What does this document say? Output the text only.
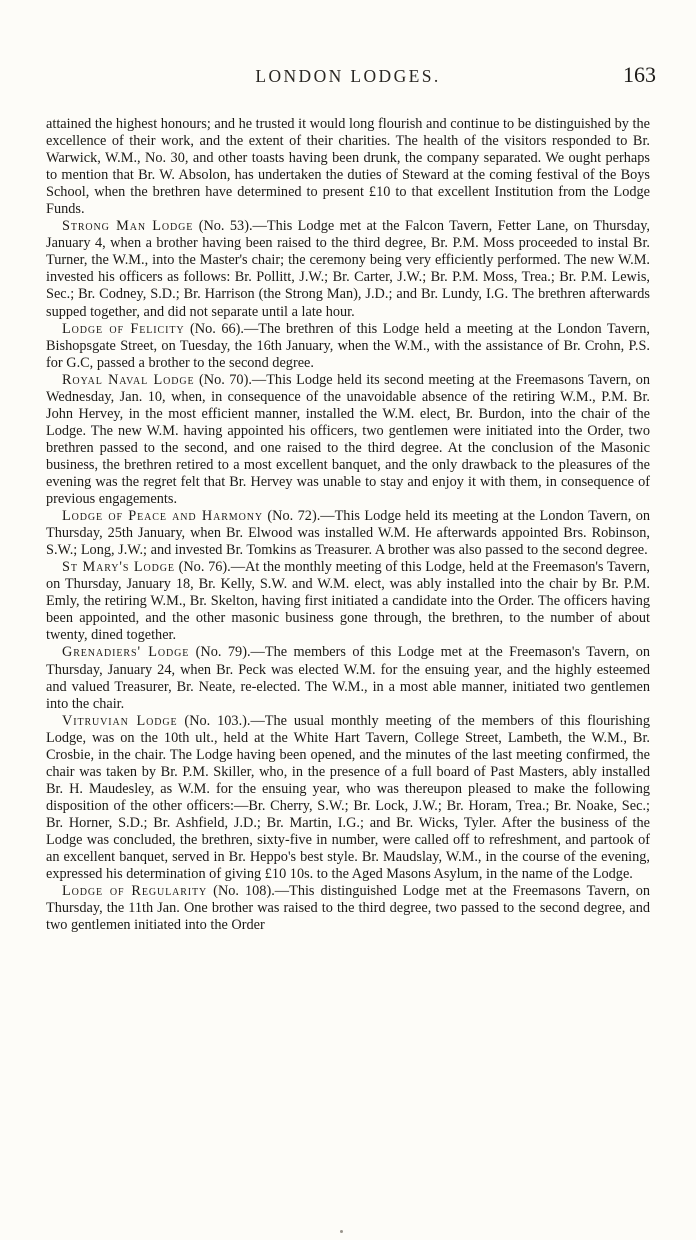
LONDON LODGES.	163

attained the highest honours; and he trusted it would long flourish and continue to be distinguished by the excellence of their work, and the extent of their charities. The health of the visitors responded to Br. Warwick, W.M., No. 30, and other toasts having been drunk, the company separated. We ought perhaps to mention that Br. W. Absolon, has undertaken the duties of Steward at the coming festival of the Boys School, when the brethren have determined to present £10 to that excellent Institution from the Lodge Funds.

Strong Man Lodge (No. 53).—This Lodge met at the Falcon Tavern, Fetter Lane, on Thursday, January 4, when a brother having been raised to the third degree, Br. P.M. Moss proceeded to instal Br. Turner, the W.M., into the Master's chair; the ceremony being very efficiently performed. The new W.M. invested his officers as follows: Br. Pollitt, J.W.; Br. Carter, J.W.; Br. P.M. Moss, Trea.; Br. P.M. Lewis, Sec.; Br. Codney, S.D.; Br. Harrison (the Strong Man), J.D.; and Br. Lundy, I.G. The brethren afterwards supped together, and did not separate until a late hour.

Lodge of Felicity (No. 66).—The brethren of this Lodge held a meeting at the London Tavern, Bishopsgate Street, on Tuesday, the 16th January, when the W.M., with the assistance of Br. Crohn, P.S. for G.C, passed a brother to the second degree.

Royal Naval Lodge (No. 70).—This Lodge held its second meeting at the Freemasons Tavern, on Wednesday, Jan. 10, when, in consequence of the unavoidable absence of the retiring W.M., P.M. Br. John Hervey, in the most efficient manner, installed the W.M. elect, Br. Burdon, into the chair of the Lodge. The new W.M. having appointed his officers, two gentlemen were initiated into the Order, two brethren passed to the second, and one raised to the third degree. At the conclusion of the Masonic business, the brethren retired to a most excellent banquet, and the only drawback to the pleasures of the evening was the regret felt that Br. Hervey was unable to stay and enjoy it with them, in consequence of previous engagements.

Lodge of Peace and Harmony (No. 72).—This Lodge held its meeting at the London Tavern, on Thursday, 25th January, when Br. Elwood was installed W.M. He afterwards appointed Brs. Robinson, S.W.; Long, J.W.; and invested Br. Tomkins as Treasurer. A brother was also passed to the second degree.

St Mary's Lodge (No. 76).—At the monthly meeting of this Lodge, held at the Freemason's Tavern, on Thursday, January 18, Br. Kelly, S.W. and W.M. elect, was ably installed into the chair by Br. P.M. Emly, the retiring W.M., Br. Skelton, having first initiated a candidate into the Order. The officers having been appointed, and the other masonic business gone through, the brethren, to the number of about twenty, dined together.

Grenadiers' Lodge (No. 79).—The members of this Lodge met at the Freemason's Tavern, on Thursday, January 24, when Br. Peck was elected W.M. for the ensuing year, and the highly esteemed and valued Treasurer, Br. Neate, re-elected. The W.M., in a most able manner, initiated two gentlemen into the chair.

Vitruvian Lodge (No. 103.).—The usual monthly meeting of the members of this flourishing Lodge, was on the 10th ult., held at the White Hart Tavern, College Street, Lambeth, the W.M., Br. Crosbie, in the chair. The Lodge having been opened, and the minutes of the last meeting confirmed, the chair was taken by Br. P.M. Skiller, who, in the presence of a full board of Past Masters, ably installed Br. H. Maudesley, as W.M. for the ensuing year, who was thereupon pleased to make the following disposition of the other officers:—Br. Cherry, S.W.; Br. Lock, J.W.; Br. Horam, Trea.; Br. Noake, Sec.; Br. Horner, S.D.; Br. Ashfield, J.D.; Br. Martin, I.G.; and Br. Wicks, Tyler. After the business of the Lodge was concluded, the brethren, sixty-five in number, were called off to refreshment, and partook of an excellent banquet, served in Br. Heppo's best style. Br. Maudslay, W.M., in the course of the evening, expressed his determination of giving £10 10s. to the Aged Masons Asylum, in the name of the Lodge.

Lodge of Regularity (No. 108).—This distinguished Lodge met at the Freemasons Tavern, on Thursday, the 11th Jan. One brother was raised to the third degree, two passed to the second degree, and two gentlemen initiated into the Order
